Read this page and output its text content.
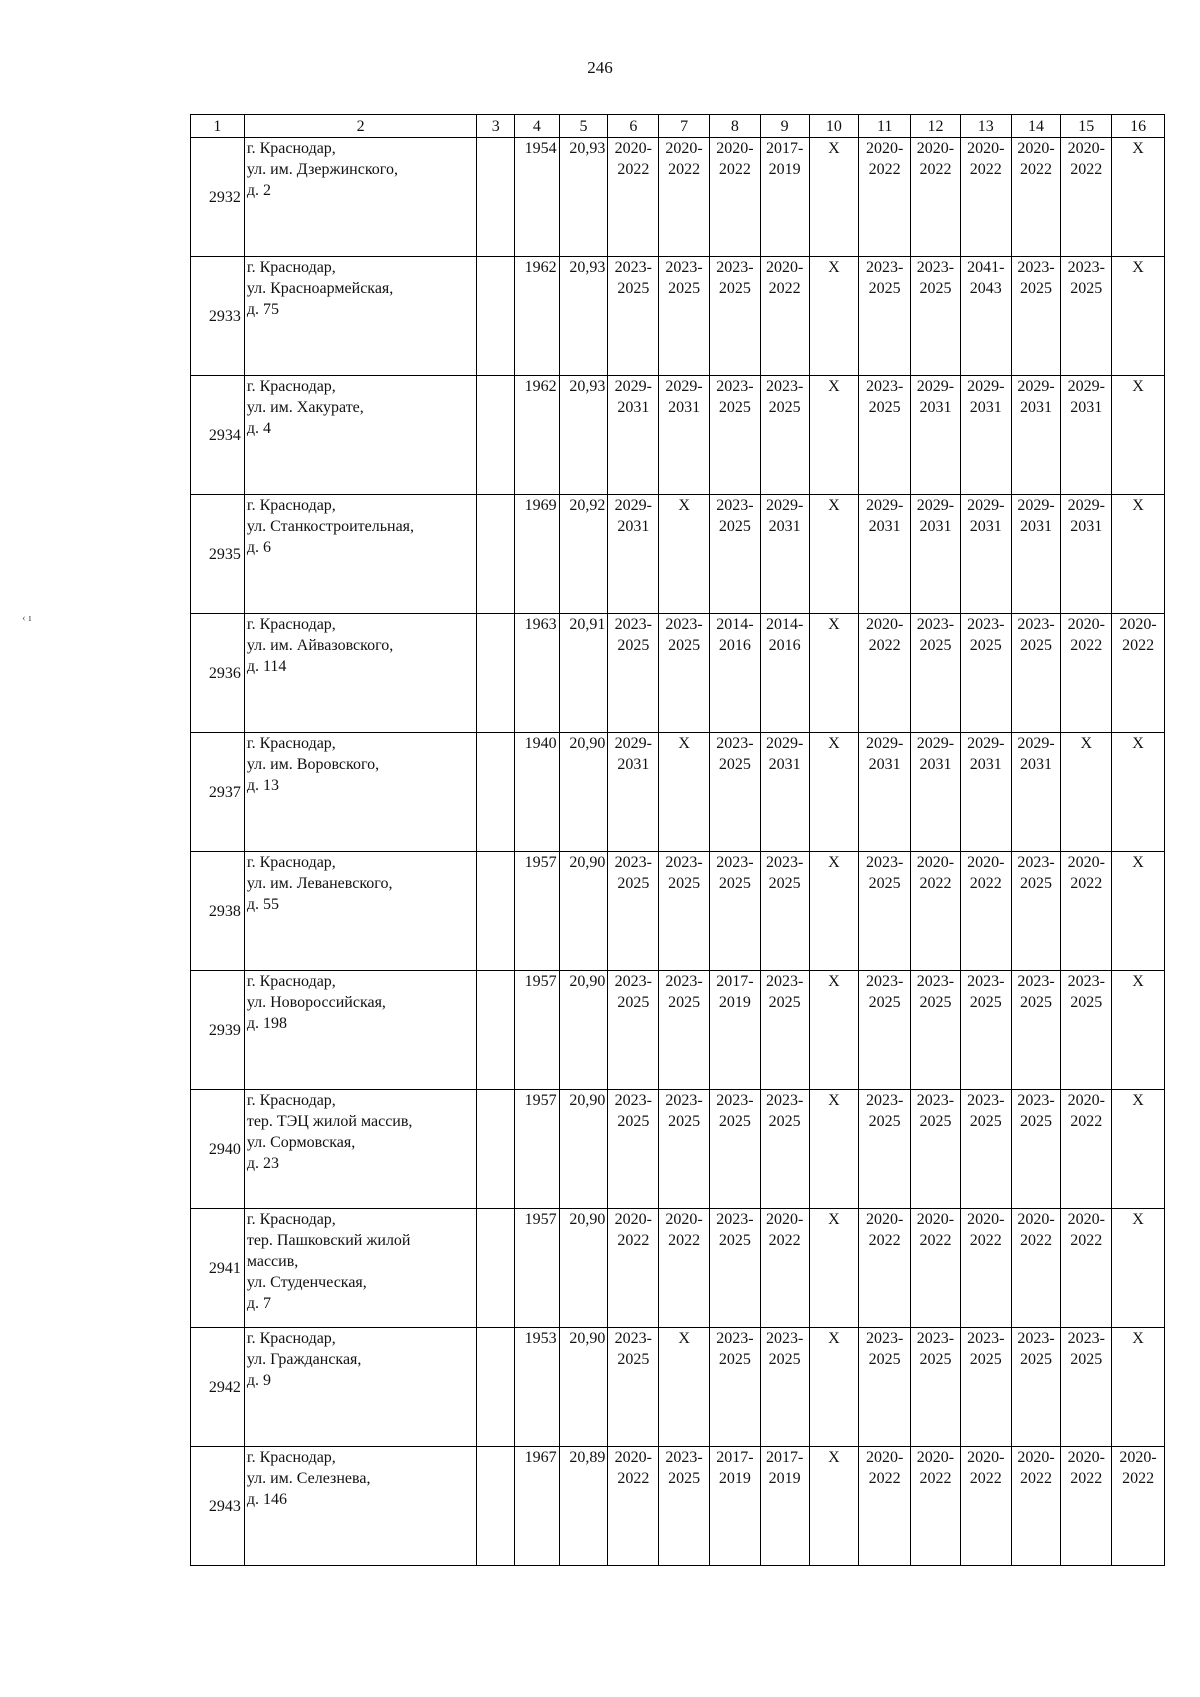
246
‹ ı
1	2	3	4	5	6	7	8	9	10	11	12	13	14	15	16
2932	г. Краснодар,
ул. им. Дзержинского,
д. 2		1954	20,93	2020-
2022	2020-
2022	2020-
2022	2017-
2019	Х	2020-
2022	2020-
2022	2020-
2022	2020-
2022	2020-
2022	Х
2933	г. Краснодар,
ул. Красноармейская,
д. 75		1962	20,93	2023-
2025	2023-
2025	2023-
2025	2020-
2022	Х	2023-
2025	2023-
2025	2041-
2043	2023-
2025	2023-
2025	Х
2934	г. Краснодар,
ул. им. Хакурате,
д. 4		1962	20,93	2029-
2031	2029-
2031	2023-
2025	2023-
2025	Х	2023-
2025	2029-
2031	2029-
2031	2029-
2031	2029-
2031	Х
2935	г. Краснодар,
ул. Станкостроительная,
д. 6		1969	20,92	2029-
2031	Х	2023-
2025	2029-
2031	Х	2029-
2031	2029-
2031	2029-
2031	2029-
2031	2029-
2031	Х
2936	г. Краснодар,
ул. им. Айвазовского,
д. 114		1963	20,91	2023-
2025	2023-
2025	2014-
2016	2014-
2016	Х	2020-
2022	2023-
2025	2023-
2025	2023-
2025	2020-
2022	2020-
2022
2937	г. Краснодар,
ул. им. Воровского,
д. 13		1940	20,90	2029-
2031	Х	2023-
2025	2029-
2031	Х	2029-
2031	2029-
2031	2029-
2031	2029-
2031	Х	Х
2938	г. Краснодар,
ул. им. Леваневского,
д. 55		1957	20,90	2023-
2025	2023-
2025	2023-
2025	2023-
2025	Х	2023-
2025	2020-
2022	2020-
2022	2023-
2025	2020-
2022	Х
2939	г. Краснодар,
ул. Новороссийская,
д. 198		1957	20,90	2023-
2025	2023-
2025	2017-
2019	2023-
2025	Х	2023-
2025	2023-
2025	2023-
2025	2023-
2025	2023-
2025	Х
2940	г. Краснодар,
тер. ТЭЦ жилой массив,
ул. Сормовская,
д. 23		1957	20,90	2023-
2025	2023-
2025	2023-
2025	2023-
2025	Х	2023-
2025	2023-
2025	2023-
2025	2023-
2025	2020-
2022	Х
2941	г. Краснодар,
тер. Пашковский жилой
массив,
ул. Студенческая,
д. 7		1957	20,90	2020-
2022	2020-
2022	2023-
2025	2020-
2022	Х	2020-
2022	2020-
2022	2020-
2022	2020-
2022	2020-
2022	Х
2942	г. Краснодар,
ул. Гражданская,
д. 9		1953	20,90	2023-
2025	Х	2023-
2025	2023-
2025	Х	2023-
2025	2023-
2025	2023-
2025	2023-
2025	2023-
2025	Х
2943	г. Краснодар,
ул. им. Селезнева,
д. 146		1967	20,89	2020-
2022	2023-
2025	2017-
2019	2017-
2019	Х	2020-
2022	2020-
2022	2020-
2022	2020-
2022	2020-
2022	2020-
2022
